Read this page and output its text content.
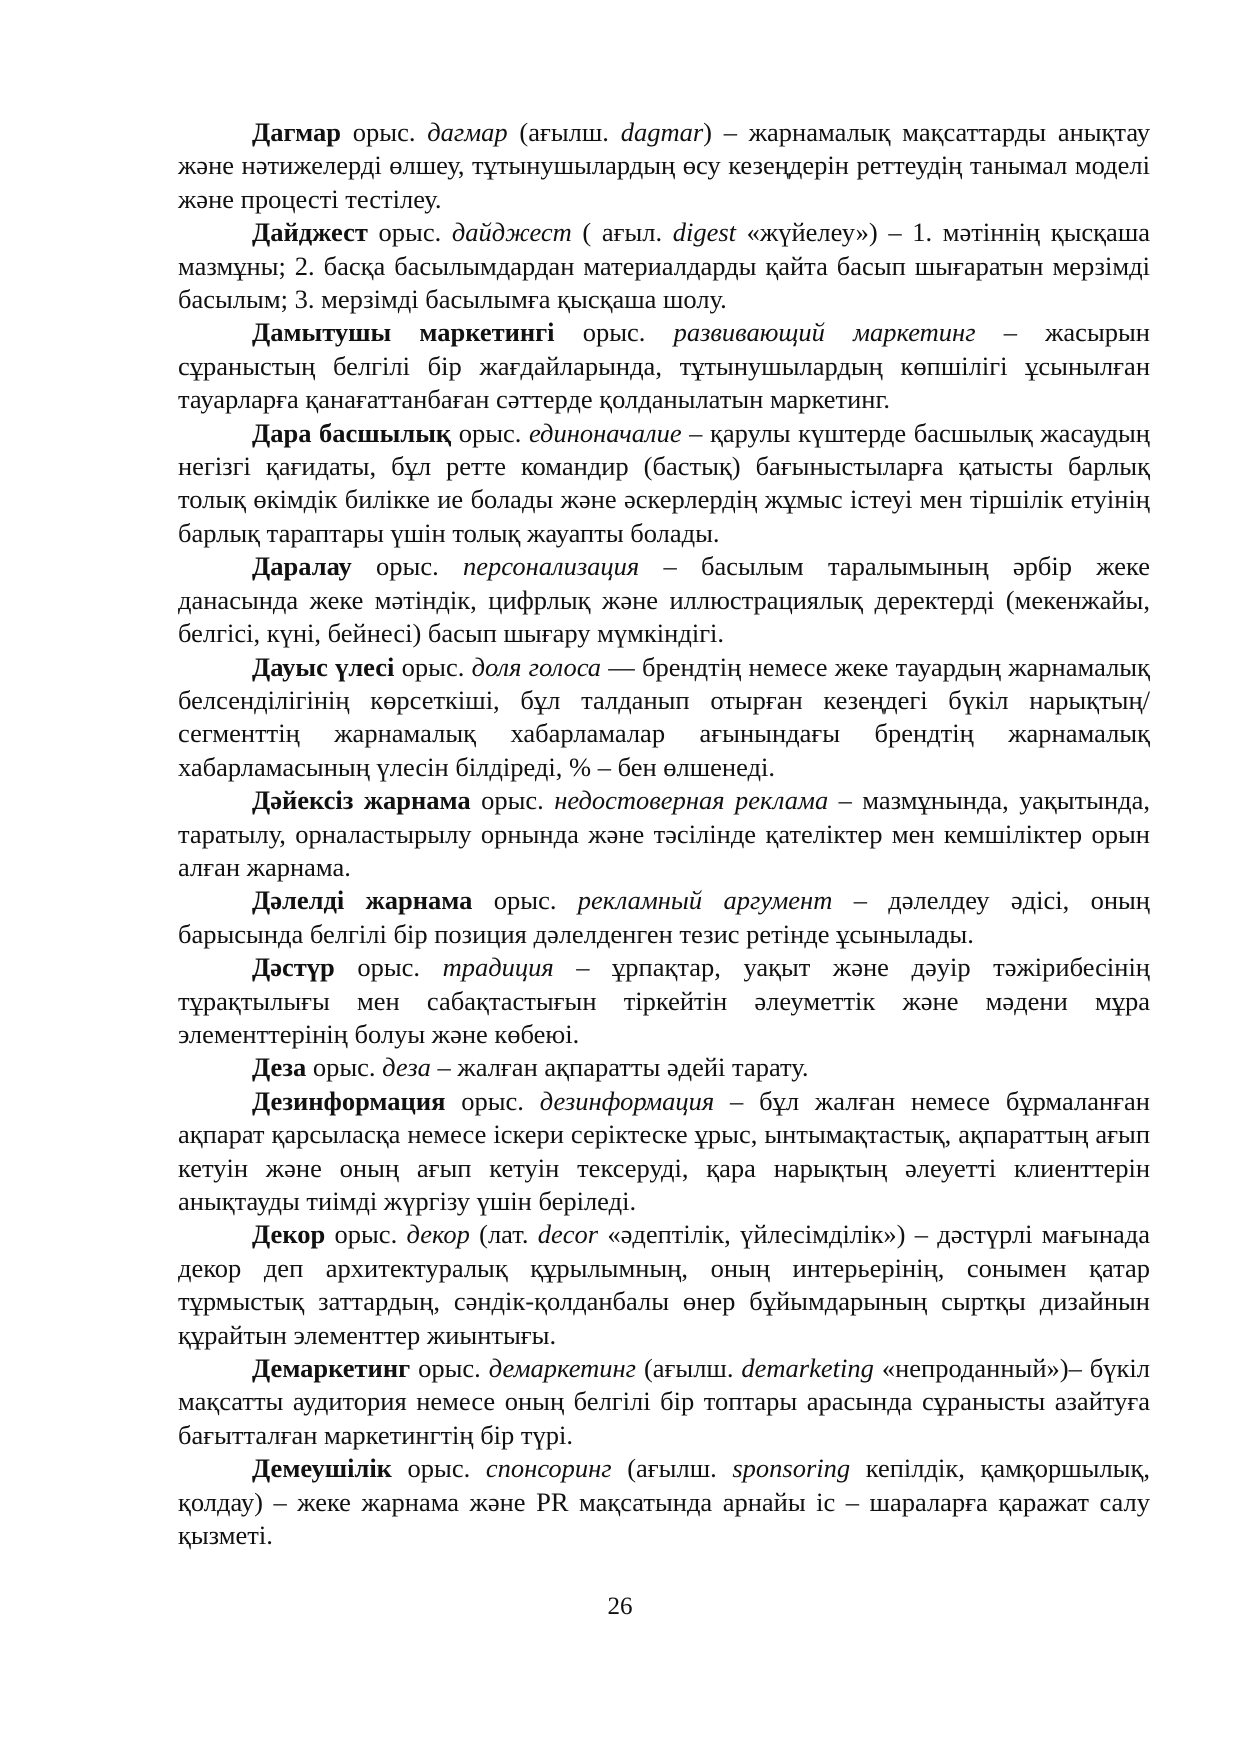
Дагмар орыс. дагмар (ағылш. dagmar) – жарнамалық мақсаттарды анықтау және нәтижелерді өлшеу, тұтынушылардың өсу кезеңдерін реттеудің танымал моделі және процесті тестілеу.

Дайджест орыс. дайджест ( ағыл. digest «жүйелеу») – 1. мәтіннің қысқаша мазмұны; 2. басқа басылымдардан материалдарды қайта басып шығаратын мерзімді басылым; 3. мерзімді басылымға қысқаша шолу.

Дамытушы маркетингі орыс. развивающий маркетинг – жасырын сұраныстың белгілі бір жағдайларында, тұтынушылардың көпшілігі ұсынылған тауарларға қанағаттанбаған сәттерде қолданылатын маркетинг.

Дара басшылық орыс. единоначалие – қарулы күштерде басшылық жасаудың негізгі қағидаты, бұл ретте командир (бастық) бағыныстыларға қатысты барлық толық өкімдік билікке ие болады және әскерлердің жұмыс істеуі мен тіршілік етуінің барлық тараптары үшін толық жауапты болады.

Даралау орыс. персонализация – басылым таралымының әрбір жеке данасында жеке мәтіндік, цифрлық және иллюстрациялық деректерді (мекенжайы, белгісі, күні, бейнесі) басып шығару мүмкіндігі.

Дауыс үлесі орыс. доля голоса — брендтің немесе жеке тауардың жарнамалық белсенділігінің көрсеткіші, бұл талданып отырған кезеңдегі бүкіл нарықтың/сегменттің жарнамалық хабарламалар ағынындағы брендтің жарнамалық хабарламасының үлесін білдіреді, % – бен өлшенеді.

Дәйексіз жарнама орыс. недостоверная реклама – мазмұнында, уақытында, таратылу, орналастырылу орнында және тәсілінде қателіктер мен кемшіліктер орын алған жарнама.

Дәлелді жарнама орыс. рекламный аргумент – дәлелдеу әдісі, оның барысында белгілі бір позиция дәлелденген тезис ретінде ұсынылады.

Дәстүр орыс. традиция – ұрпақтар, уақыт және дәуір тәжірибесінің тұрақтылығы мен сабақтастығын тіркейтін әлеуметтік және мәдени мұра элементтерінің болуы және көбеюі.

Деза орыс. деза – жалған ақпаратты әдейі тарату.

Дезинформация орыс. дезинформация – бұл жалған немесе бұрмаланған ақпарат қарсыласқа немесе іскери серіктеске ұрыс, ынтымақтастық, ақпараттың ағып кетуін және оның ағып кетуін тексеруді, қара нарықтың әлеуетті клиенттерін анықтауды тиімді жүргізу үшін беріледі.

Декор орыс. декор (лат. decor «әдептілік, үйлесімділік») – дәстүрлі мағынада декор деп архитектуралық құрылымның, оның интерьерінің, сонымен қатар тұрмыстық заттардың, сәндік-қолданбалы өнер бұйымдарының сыртқы дизайнын құрайтын элементтер жиынтығы.

Демаркетинг орыс. демаркетинг (ағылш. demarketing «непроданный»)– бүкіл мақсатты аудитория немесе оның белгілі бір топтары арасында сұранысты азайтуға бағытталған маркетингтің бір түрі.

Демеушілік орыс. спонсоринг (ағылш. sponsoring кепілдік, қамқоршылық, қолдау) – жеке жарнама және PR мақсатында арнайы іс – шараларға қаражат салу қызметі.

26
